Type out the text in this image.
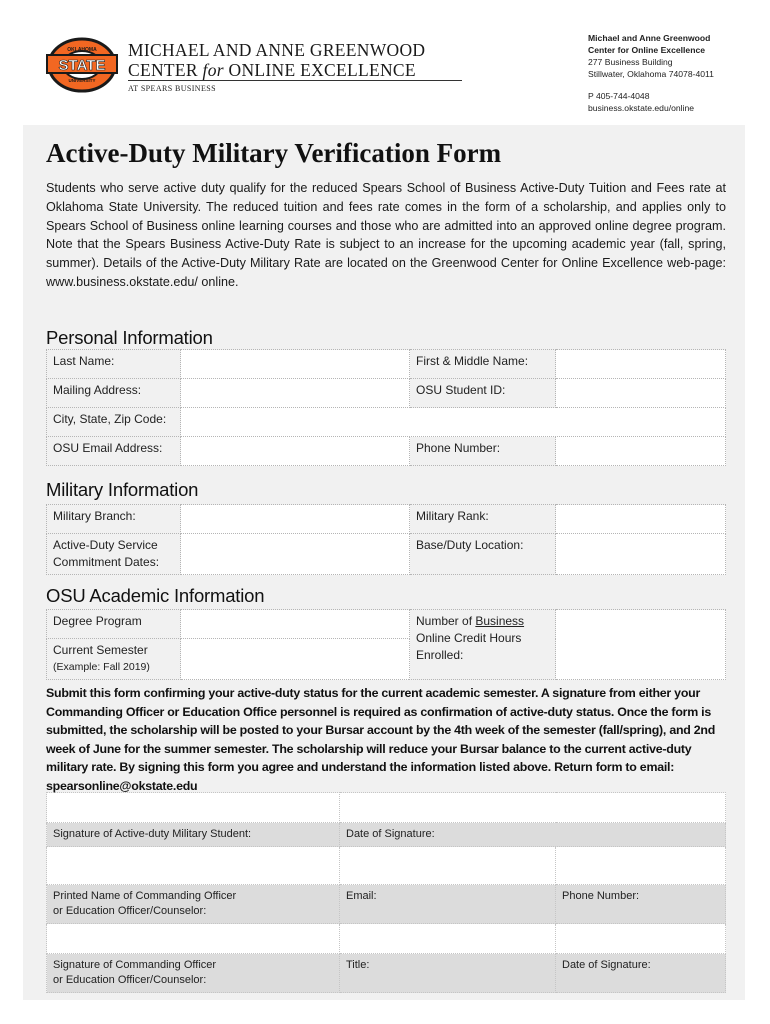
STATE
OKLAHOMA
UNIVERSITY
MICHAEL AND ANNE GREENWOOD
CENTER for ONLINE EXCELLENCE
AT SPEARS BUSINESS
Michael and Anne Greenwood
Center for Online Excellence
277 Business Building
Stillwater, Oklahoma 74078-4011
P 405-744-4048
business.okstate.edu/online
Active-Duty Military Verification Form
Students who serve active duty qualify for the reduced Spears School of Business Active-Duty Tuition and Fees rate at Oklahoma State University. The reduced tuition and fees rate comes in the form of a scholarship, and applies only to Spears School of Business online learning courses and those who are admitted into an approved online degree program. Note that the Spears Business Active-Duty Rate is subject to an increase for the upcoming academic year (fall, spring, summer). Details of the Active-Duty Military Rate are located on the Greenwood Center for Online Excellence web-page: www.business.okstate.edu/ online.
Personal Information
Last Name:		First & Middle Name:	
Mailing Address:		OSU Student ID:	
City, State, Zip Code:			
OSU Email Address:		Phone Number:	
Military Information
Military Branch:		Military Rank:	

Active-Duty Service
Commitment Dates:		Base/Duty Location:	
OSU Academic Information
Degree Program		Number of Business
Online Credit Hours
Enrolled:	

Current Semester
(Example: Fall 2019)			

Submit this form confirming your active-duty status for the current academic semester. A signature from either your Commanding Officer or Education Office personnel is required as confirmation of active-duty status. Once the form is submitted, the scholarship will be posted to your Bursar account by the 4th week of the semester (fall/spring), and 2nd week of June for the summer semester. The scholarship will reduce your Bursar balance to the current active-duty military rate. By signing this form you agree and understand the information listed above. Return form to email: spearsonline@okstate.edu

Signature of Active-duty Military Student:	Date of Signature:	

Printed Name of Commanding Officer
or Education Officer/Counselor:	Email:	Phone Number:

Signature of Commanding Officer
or Education Officer/Counselor:	Title:	Date of Signature:
